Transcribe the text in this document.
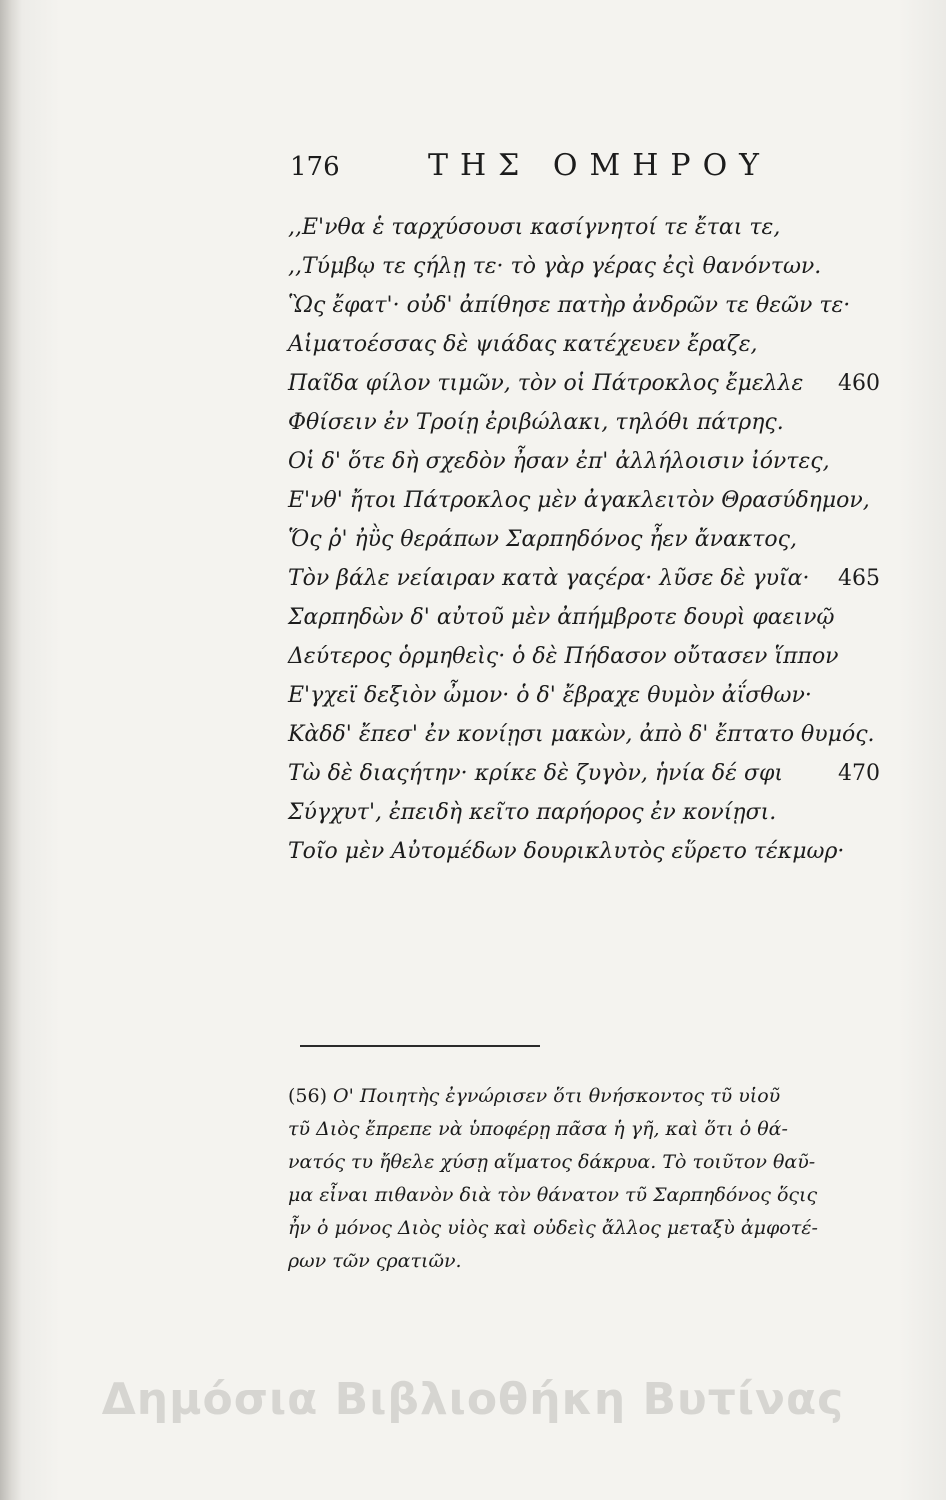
176	ΤΗΣ ΟΜΗΡΟΥ
,,Ε'νθα ἑ ταρχύσουσι κασίγνητοί τε ἔται τε,
,,Τύμβῳ τε ςήλῃ τε· τὸ γὰρ γέρας ἐςὶ θανόντων.
Ὣς ἔφατ'· οὐδ' ἀπίθησε πατὴρ ἀνδρῶν τε θεῶν τε·
Αἱματοέσσας δὲ ψιάδας κατέχευεν ἔραζε,
Παῖδα φίλον τιμῶν, τὸν οἱ Πάτροκλος ἔμελλε 460
Φθίσειν ἐν Τροίῃ ἐριβώλακι, τηλόθι πάτρης.
Οἱ δ' ὅτε δὴ σχεδὸν ἦσαν ἐπ' ἀλλήλοισιν ἰόντες,
Ε'νθ' ἤτοι Πάτροκλος μὲν ἀγακλειτὸν Θρασύδημον,
Ὅς ῥ' ἠῢς θεράπων Σαρπηδόνος ἦεν ἄνακτος,
Τὸν βάλε νείαιραν κατὰ γαςέρα· λῦσε δὲ γυῖα· 465
Σαρπηδὼν δ' αὐτοῦ μὲν ἀπήμβροτε δουρὶ φαεινῷ
Δεύτερος ὁρμηθεὶς· ὁ δὲ Πήδασον οὔτασεν ἵππον
Ε'γχεϊ δεξιὸν ὦμον· ὁ δ' ἔβραχε θυμὸν ἀΐσθων·
Κὰδδ' ἔπεσ' ἐν κονίῃσι μακὼν, ἀπὸ δ' ἔπτατο θυμός.
Τὼ δὲ διαςήτην· κρίκε δὲ ζυγὸν, ἡνία δέ σφι 470
Σύγχυτ', ἐπειδὴ κεῖτο παρήορος ἐν κονίῃσι.
Τοῖο μὲν Αὐτομέδων δουρικλυτὸς εὕρετο τέκμωρ·
(56) Ο' Ποιητὴς ἐγνώρισεν ὅτι θνήσκοντος τῦ υἱοῦ
τῦ Διὸς ἔπρεπε νὰ ὑποφέρῃ πᾶσα ἡ γῆ, καὶ ὅτι ὁ θά-
νατός τυ ἤθελε χύσῃ αἵματος δάκρυα. Τὸ τοιῦτον θαῦ-
μα εἶναι πιθανὸν διὰ τὸν θάνατον τῦ Σαρπηδόνος ὅςις
ἦν ὁ μόνος Διὸς υἱὸς καὶ οὐδεὶς ἄλλος μεταξὺ ἀμφοτέ-
ρων τῶν ςρατιῶν.
Δημόσια Βιβλιοθήκη Βυτίνας
